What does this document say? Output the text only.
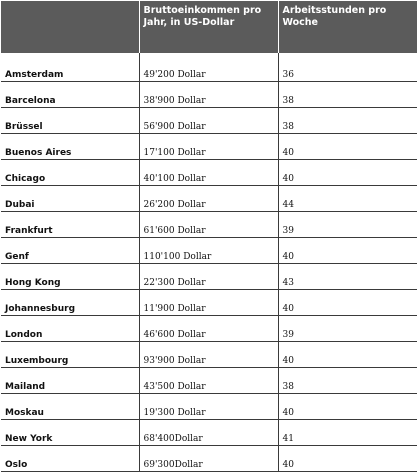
	Bruttoeinkommen pro Jahr, in US-Dollar	Arbeitsstunden pro Woche
Amsterdam	49'200 Dollar	36
Barcelona	38'900 Dollar	38
Brüssel	56'900 Dollar	38
Buenos Aires	17'100 Dollar	40
Chicago	40'100 Dollar	40
Dubai	26'200 Dollar	44
Frankfurt	61'600 Dollar	39
Genf	110'100 Dollar	40
Hong Kong	22'300 Dollar	43
Johannesburg	11'900 Dollar	40
London	46'600 Dollar	39
Luxembourg	93'900 Dollar	40
Mailand	43'500 Dollar	38
Moskau	19'300 Dollar	40
New York	68'400Dollar	41
Oslo	69'300Dollar	40
